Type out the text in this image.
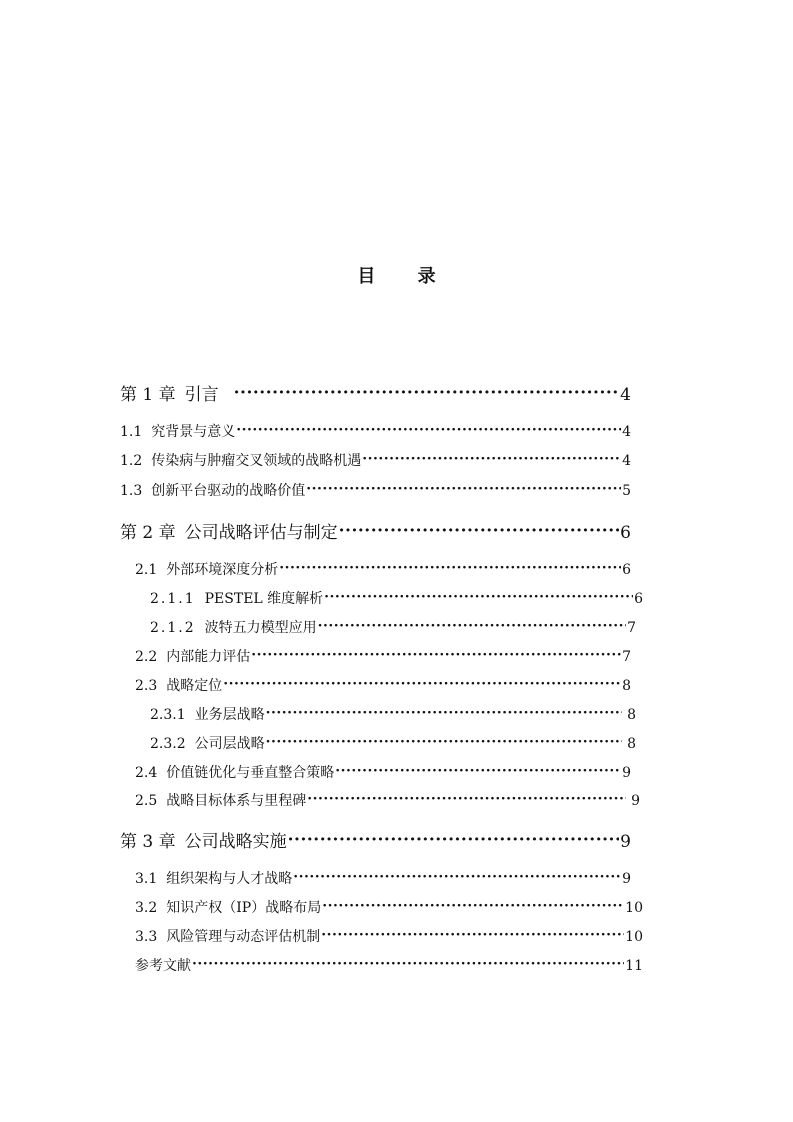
目 录
第 1 章 引言 ·····	4
1.1 究背景与意义 ·····	4
1.2 传染病与肿瘤交叉领域的战略机遇 ·····	4
1.3 创新平台驱动的战略价值 ·····	5
第 2 章 公司战略评估与制定 ·····	6
2.1 外部环境深度分析 ·····	6
2.1.1 PESTEL 维度解析 ·····	6
2.1.2 波特五力模型应用 ·····	7
2.2 内部能力评估 ·····	7
2.3 战略定位 ·····	8
2.3.1 业务层战略 ·····	8
2.3.2 公司层战略 ·····	8
2.4 价值链优化与垂直整合策略 ·····	9
2.5 战略目标体系与里程碑 ·····	9
第 3 章 公司战略实施 ·····	9
3.1 组织架构与人才战略 ·····	9
3.2 知识产权（IP）战略布局 ·····	10
3.3 风险管理与动态评估机制 ·····	10
参考文献 ·····	11
